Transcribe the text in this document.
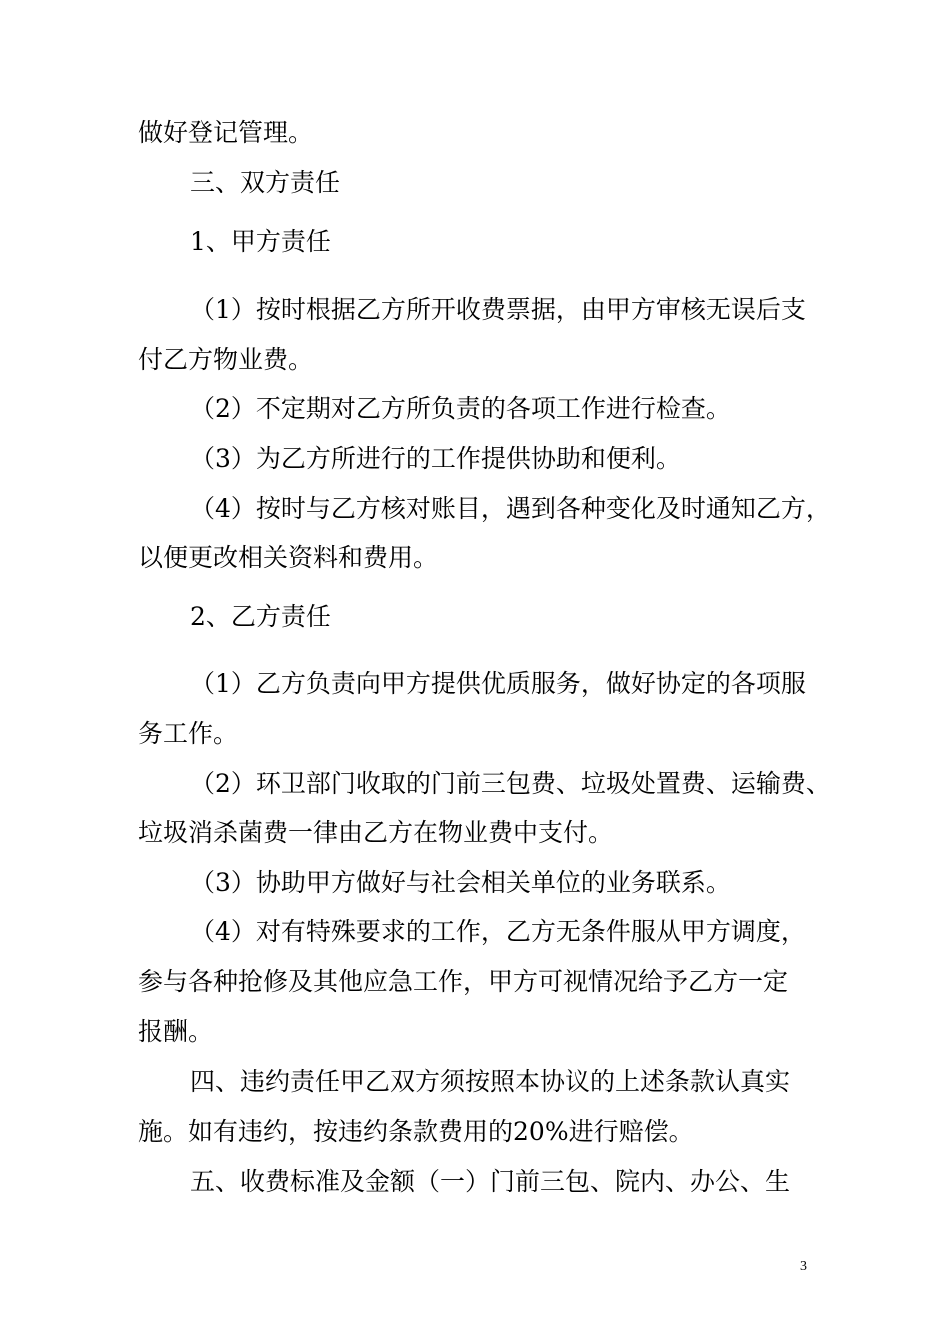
做好登记管理。
三、双方责任
1、甲方责任
（1）按时根据乙方所开收费票据，由甲方审核无误后支
付乙方物业费。
（2）不定期对乙方所负责的各项工作进行检查。
（3）为乙方所进行的工作提供协助和便利。
（4）按时与乙方核对账目，遇到各种变化及时通知乙方，
以便更改相关资料和费用。
2、乙方责任
（1）乙方负责向甲方提供优质服务，做好协定的各项服
务工作。
（2）环卫部门收取的门前三包费、垃圾处置费、运输费、
垃圾消杀菌费一律由乙方在物业费中支付。
（3）协助甲方做好与社会相关单位的业务联系。
（4）对有特殊要求的工作，乙方无条件服从甲方调度，
参与各种抢修及其他应急工作，甲方可视情况给予乙方一定
报酬。
四、违约责任甲乙双方须按照本协议的上述条款认真实
施。如有违约，按违约条款费用的20%进行赔偿。
五、收费标准及金额（一）门前三包、院内、办公、生
3
